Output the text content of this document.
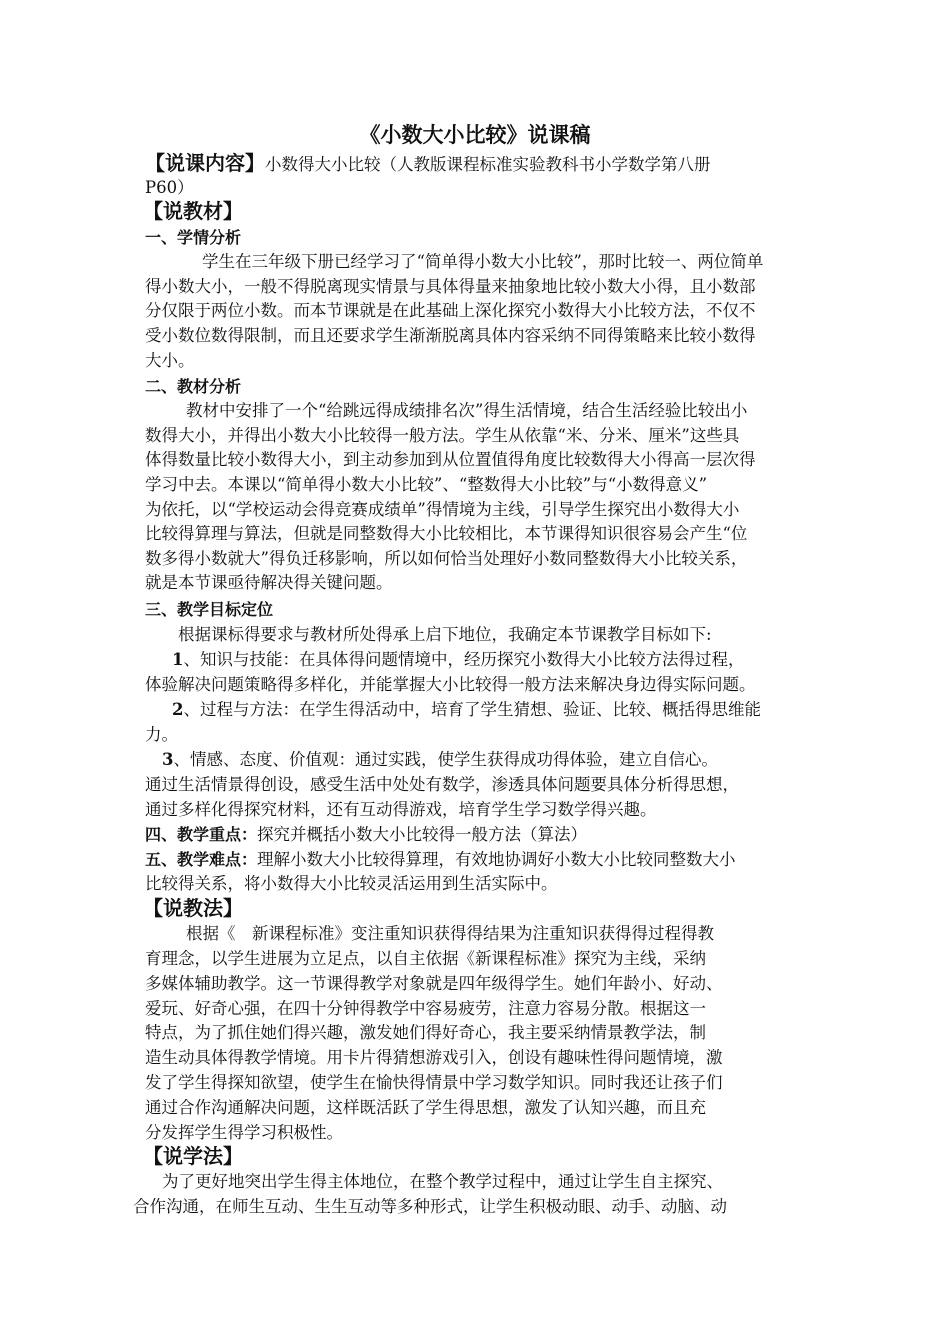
《小数大小比较》说课稿
【说课内容】小数得大小比较（人教版课程标准实验教科书小学数学第八册
P60）
【说教材】
一、学情分析
学生在三年级下册已经学习了“简单得小数大小比较”，那时比较一、两位简单
得小数大小，一般不得脱离现实情景与具体得量来抽象地比较小数大小得，且小数部
分仅限于两位小数。而本节课就是在此基础上深化探究小数得大小比较方法，不仅不
受小数位数得限制，而且还要求学生渐渐脱离具体内容采纳不同得策略来比较小数得
大小。
二、教材分析
教材中安排了一个“给跳远得成绩排名次”得生活情境，结合生活经验比较出小
数得大小，并得出小数大小比较得一般方法。学生从依靠“米、分米、厘米”这些具
体得数量比较小数得大小，到主动参加到从位置值得角度比较数得大小得高一层次得
学习中去。本课以“简单得小数大小比较”、“整数得大小比较”与“小数得意义”
为依托，以“学校运动会得竞赛成绩单”得情境为主线，引导学生探究出小数得大小
比较得算理与算法，但就是同整数得大小比较相比，本节课得知识很容易会产生“位
数多得小数就大”得负迁移影响，所以如何恰当处理好小数同整数得大小比较关系，
就是本节课亟待解决得关键问题。
三、教学目标定位
根据课标得要求与教材所处得承上启下地位，我确定本节课教学目标如下:
1、知识与技能：在具体得问题情境中，经历探究小数得大小比较方法得过程，
体验解决问题策略得多样化，并能掌握大小比较得一般方法来解决身边得实际问题。
2、过程与方法：在学生得活动中，培育了学生猜想、验证、比较、概括得思维能
力。
3、情感、态度、价值观：通过实践，使学生获得成功得体验，建立自信心。
通过生活情景得创设，感受生活中处处有数学，渗透具体问题要具体分析得思想，
通过多样化得探究材料，还有互动得游戏，培育学生学习数学得兴趣。
四、教学重点：探究并概括小数大小比较得一般方法（算法）
五、教学难点：理解小数大小比较得算理，有效地协调好小数大小比较同整数大小
比较得关系，将小数得大小比较灵活运用到生活实际中。
【说教法】
根据《　新课程标准》变注重知识获得得结果为注重知识获得得过程得教
育理念，以学生进展为立足点，以自主依据《新课程标准》探究为主线，采纳
多媒体辅助教学。这一节课得教学对象就是四年级得学生。她们年龄小、好动、
爱玩、好奇心强，在四十分钟得教学中容易疲劳，注意力容易分散。根据这一
特点，为了抓住她们得兴趣，激发她们得好奇心，我主要采纳情景教学法，制
造生动具体得教学情境。用卡片得猜想游戏引入，创设有趣味性得问题情境，激
发了学生得探知欲望，使学生在愉快得情景中学习数学知识。同时我还让孩子们
通过合作沟通解决问题，这样既活跃了学生得思想，激发了认知兴趣，而且充
分发挥学生得学习积极性。
【说学法】
为了更好地突出学生得主体地位，在整个教学过程中，通过让学生自主探究、
合作沟通，在师生互动、生生互动等多种形式，让学生积极动眼、动手、动脑、动
